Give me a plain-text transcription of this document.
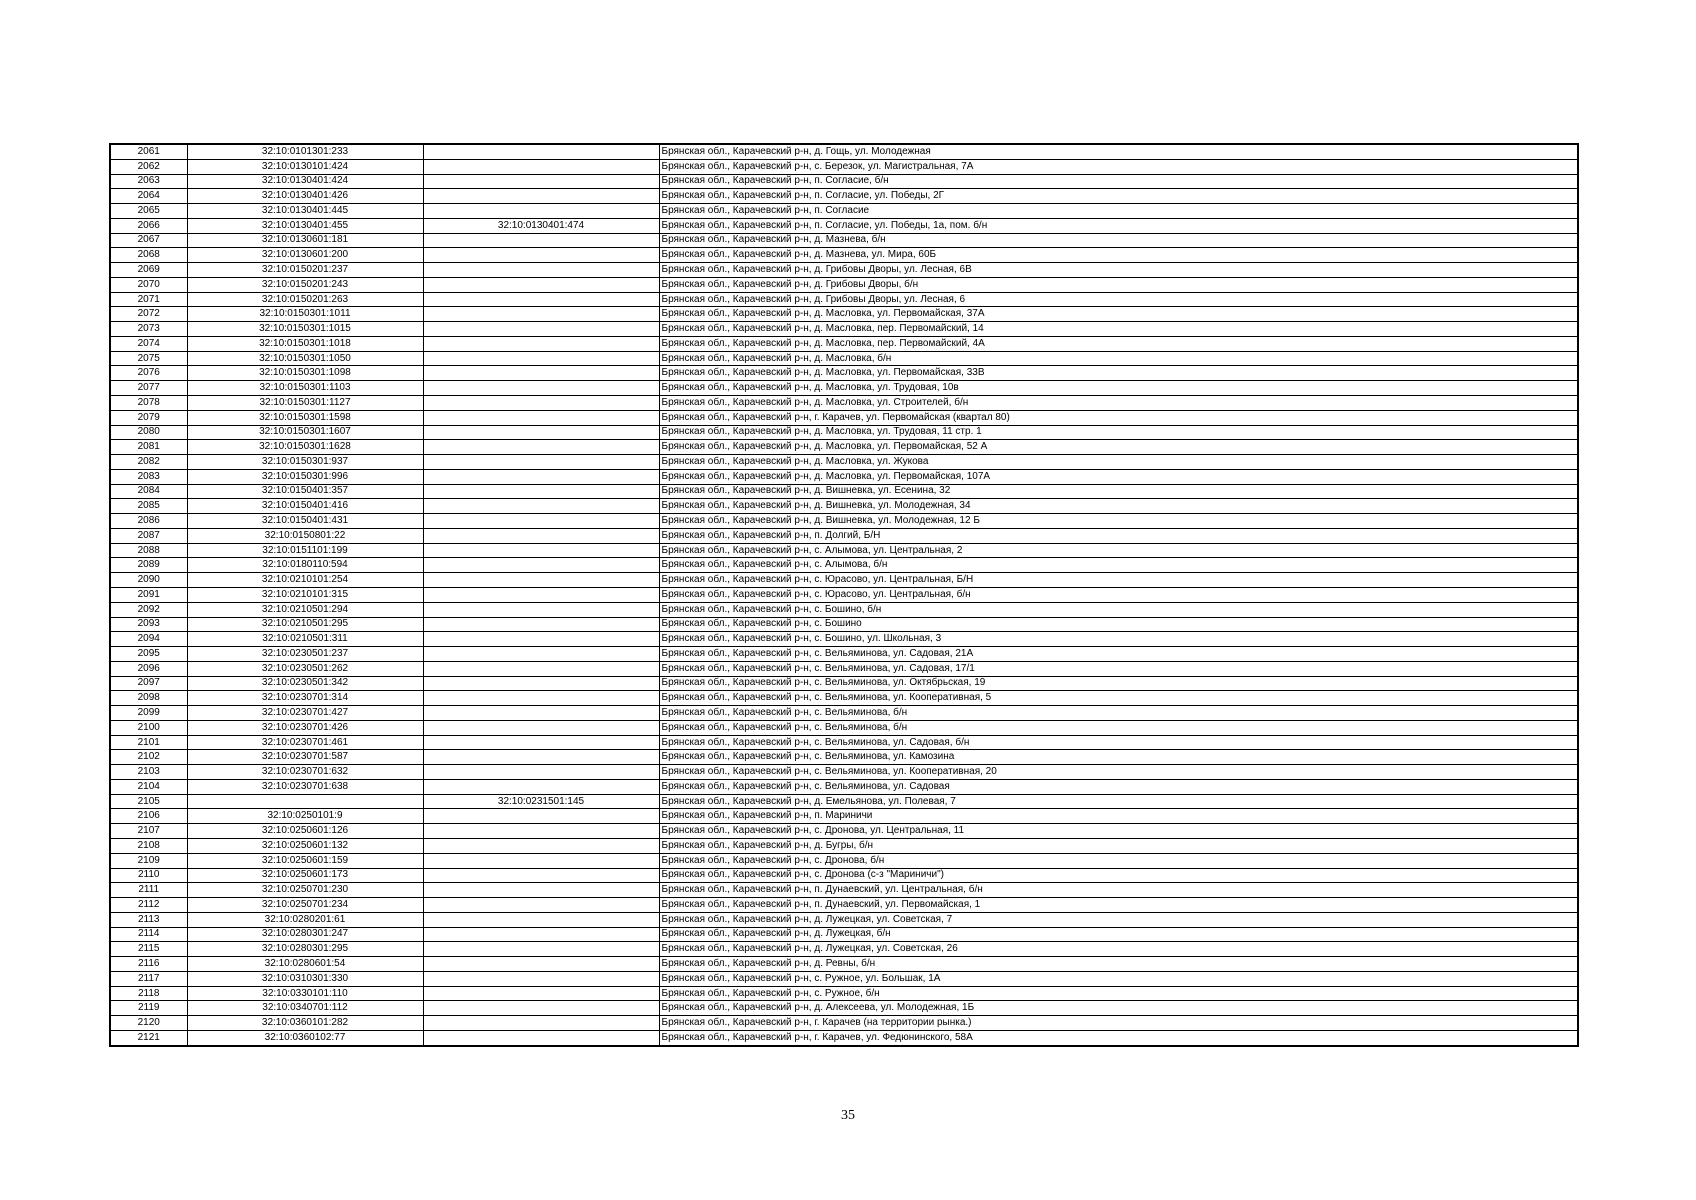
2061	32:10:0101301:233		Брянская обл., Карачевский р-н, д. Гощь, ул. Молодежная
2062	32:10:0130101:424		Брянская обл., Карачевский р-н, с. Березок, ул. Магистральная, 7А
2063	32:10:0130401:424		Брянская обл., Карачевский р-н, п. Согласие, б/н
2064	32:10:0130401:426		Брянская обл., Карачевский р-н, п. Согласие, ул. Победы, 2Г
2065	32:10:0130401:445		Брянская обл., Карачевский р-н, п. Согласие
2066	32:10:0130401:455	32:10:0130401:474	Брянская обл., Карачевский р-н, п. Согласие, ул. Победы, 1а, пом. б/н
2067	32:10:0130601:181		Брянская обл., Карачевский р-н, д. Мазнева, б/н
2068	32:10:0130601:200		Брянская обл., Карачевский р-н, д. Мазнева, ул. Мира, 60Б
2069	32:10:0150201:237		Брянская обл., Карачевский р-н, д. Грибовы Дворы, ул. Лесная, 6В
2070	32:10:0150201:243		Брянская обл., Карачевский р-н, д. Грибовы Дворы, б/н
2071	32:10:0150201:263		Брянская обл., Карачевский р-н, д. Грибовы Дворы, ул. Лесная, 6
2072	32:10:0150301:1011		Брянская обл., Карачевский р-н, д. Масловка, ул. Первомайская, 37А
2073	32:10:0150301:1015		Брянская обл., Карачевский р-н, д. Масловка, пер. Первомайский, 14
2074	32:10:0150301:1018		Брянская обл., Карачевский р-н, д. Масловка, пер. Первомайский, 4А
2075	32:10:0150301:1050		Брянская обл., Карачевский р-н, д. Масловка, б/н
2076	32:10:0150301:1098		Брянская обл., Карачевский р-н, д. Масловка, ул. Первомайская, 33В
2077	32:10:0150301:1103		Брянская обл., Карачевский р-н, д. Масловка, ул. Трудовая, 10в
2078	32:10:0150301:1127		Брянская обл., Карачевский р-н, д. Масловка, ул. Строителей, б/н
2079	32:10:0150301:1598		Брянская обл., Карачевский р-н, г. Карачев, ул. Первомайская (квартал 80)
2080	32:10:0150301:1607		Брянская обл., Карачевский р-н, д. Масловка, ул. Трудовая, 11 стр. 1
2081	32:10:0150301:1628		Брянская обл., Карачевский р-н, д. Масловка, ул. Первомайская, 52 А
2082	32:10:0150301:937		Брянская обл., Карачевский р-н, д. Масловка, ул. Жукова
2083	32:10:0150301:996		Брянская обл., Карачевский р-н, д. Масловка, ул. Первомайская, 107А
2084	32:10:0150401:357		Брянская обл., Карачевский р-н, д. Вишневка, ул. Есенина, 32
2085	32:10:0150401:416		Брянская обл., Карачевский р-н, д. Вишневка, ул. Молодежная, 34
2086	32:10:0150401:431		Брянская обл., Карачевский р-н, д. Вишневка, ул. Молодежная, 12 Б
2087	32:10:0150801:22		Брянская обл., Карачевский р-н, п. Долгий, Б/Н
2088	32:10:0151101:199		Брянская обл., Карачевский р-н, с. Алымова, ул. Центральная, 2
2089	32:10:0180110:594		Брянская обл., Карачевский р-н, с. Алымова, б/н
2090	32:10:0210101:254		Брянская обл., Карачевский р-н, с. Юрасово, ул. Центральная, Б/Н
2091	32:10:0210101:315		Брянская обл., Карачевский р-н, с. Юрасово, ул. Центральная, б/н
2092	32:10:0210501:294		Брянская обл., Карачевский р-н, с. Бошино, б/н
2093	32:10:0210501:295		Брянская обл., Карачевский р-н, с. Бошино
2094	32:10:0210501:311		Брянская обл., Карачевский р-н, с. Бошино, ул. Школьная, 3
2095	32:10:0230501:237		Брянская обл., Карачевский р-н, с. Вельяминова, ул. Садовая, 21А
2096	32:10:0230501:262		Брянская обл., Карачевский р-н, с. Вельяминова, ул. Садовая, 17/1
2097	32:10:0230501:342		Брянская обл., Карачевский р-н, с. Вельяминова, ул. Октябрьская, 19
2098	32:10:0230701:314		Брянская обл., Карачевский р-н, с. Вельяминова, ул. Кооперативная, 5
2099	32:10:0230701:427		Брянская обл., Карачевский р-н, с. Вельяминова, б/н
2100	32:10:0230701:426		Брянская обл., Карачевский р-н, с. Вельяминова, б/н
2101	32:10:0230701:461		Брянская обл., Карачевский р-н, с. Вельяминова, ул. Садовая, б/н
2102	32:10:0230701:587		Брянская обл., Карачевский р-н, с. Вельяминова, ул. Камозина
2103	32:10:0230701:632		Брянская обл., Карачевский р-н, с. Вельяминова, ул. Кооперативная, 20
2104	32:10:0230701:638		Брянская обл., Карачевский р-н, с. Вельяминова, ул. Садовая
2105		32:10:0231501:145	Брянская обл., Карачевский р-н, д. Емельянова, ул. Полевая, 7
2106	32:10:0250101:9		Брянская обл., Карачевский р-н, п. Мариничи
2107	32:10:0250601:126		Брянская обл., Карачевский р-н, с. Дронова, ул. Центральная, 11
2108	32:10:0250601:132		Брянская обл., Карачевский р-н, д. Бугры, б/н
2109	32:10:0250601:159		Брянская обл., Карачевский р-н, с. Дронова, б/н
2110	32:10:0250601:173		Брянская обл., Карачевский р-н, с. Дронова (с-з "Мариничи")
2111	32:10:0250701:230		Брянская обл., Карачевский р-н, п. Дунаевский, ул. Центральная, б/н
2112	32:10:0250701:234		Брянская обл., Карачевский р-н, п. Дунаевский, ул. Первомайская, 1
2113	32:10:0280201:61		Брянская обл., Карачевский р-н, д. Лужецкая, ул. Советская, 7
2114	32:10:0280301:247		Брянская обл., Карачевский р-н, д. Лужецкая, б/н
2115	32:10:0280301:295		Брянская обл., Карачевский р-н, д. Лужецкая, ул. Советская, 26
2116	32:10:0280601:54		Брянская обл., Карачевский р-н, д. Ревны, б/н
2117	32:10:0310301:330		Брянская обл., Карачевский р-н, с. Ружное, ул. Большак, 1А
2118	32:10:0330101:110		Брянская обл., Карачевский р-н, с. Ружное, б/н
2119	32:10:0340701:112		Брянская обл., Карачевский р-н, д. Алексеева, ул. Молодежная, 1Б
2120	32:10:0360101:282		Брянская обл., Карачевский р-н, г. Карачев (на территории рынка.)
2121	32:10:0360102:77		Брянская обл., Карачевский р-н, г. Карачев, ул. Федюнинского, 58А
35
